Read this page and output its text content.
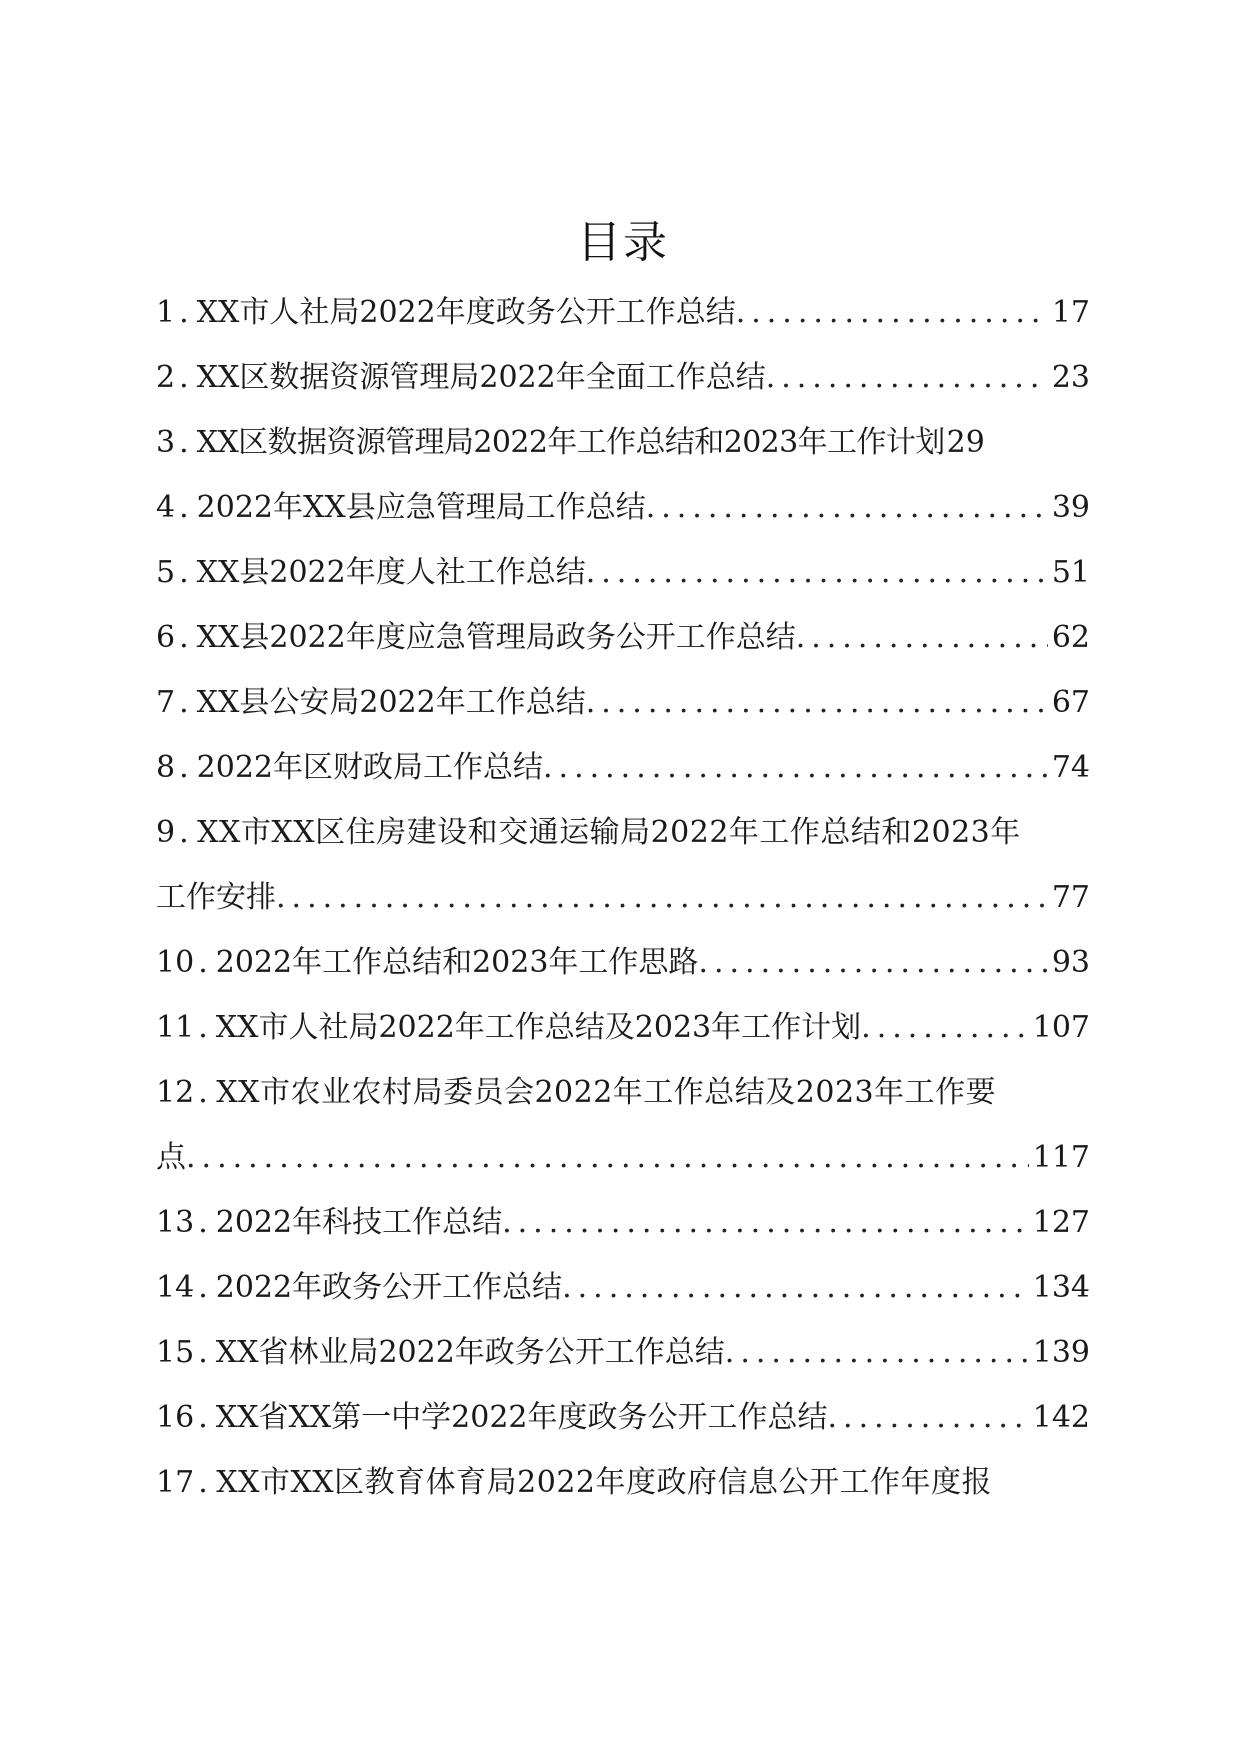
目录
1 . XX市人社局2022年度政务公开工作总结 .....	17
2 . XX区数据资源管理局2022年全面工作总结 .....	23
3 . XX区数据资源管理局2022年工作总结和2023年工作计划 29
4 . 2022年XX县应急管理局工作总结 .....	39
5 . XX县2022年度人社工作总结 .....	51
6 . XX县2022年度应急管理局政务公开工作总结 .....	62
7 . XX县公安局2022年工作总结 .....	67
8 . 2022年区财政局工作总结 .....	74
9 . XX市XX区住房建设和交通运输局2022年工作总结和2023年
工作安排 .....	77
10 . 2022年工作总结和2023年工作思路 .....	93
11 . XX市人社局2022年工作总结及2023年工作计划 .....	107
12 . XX市农业农村局委员会2022年工作总结及2023年工作要
点 .....	117
13 . 2022年科技工作总结 .....	127
14 . 2022年政务公开工作总结 .....	134
15 . XX省林业局2022年政务公开工作总结 .....	139
16 . XX省XX第一中学2022年度政务公开工作总结 .....	142
17 . XX市XX区教育体育局2022年度政府信息公开工作年度报
